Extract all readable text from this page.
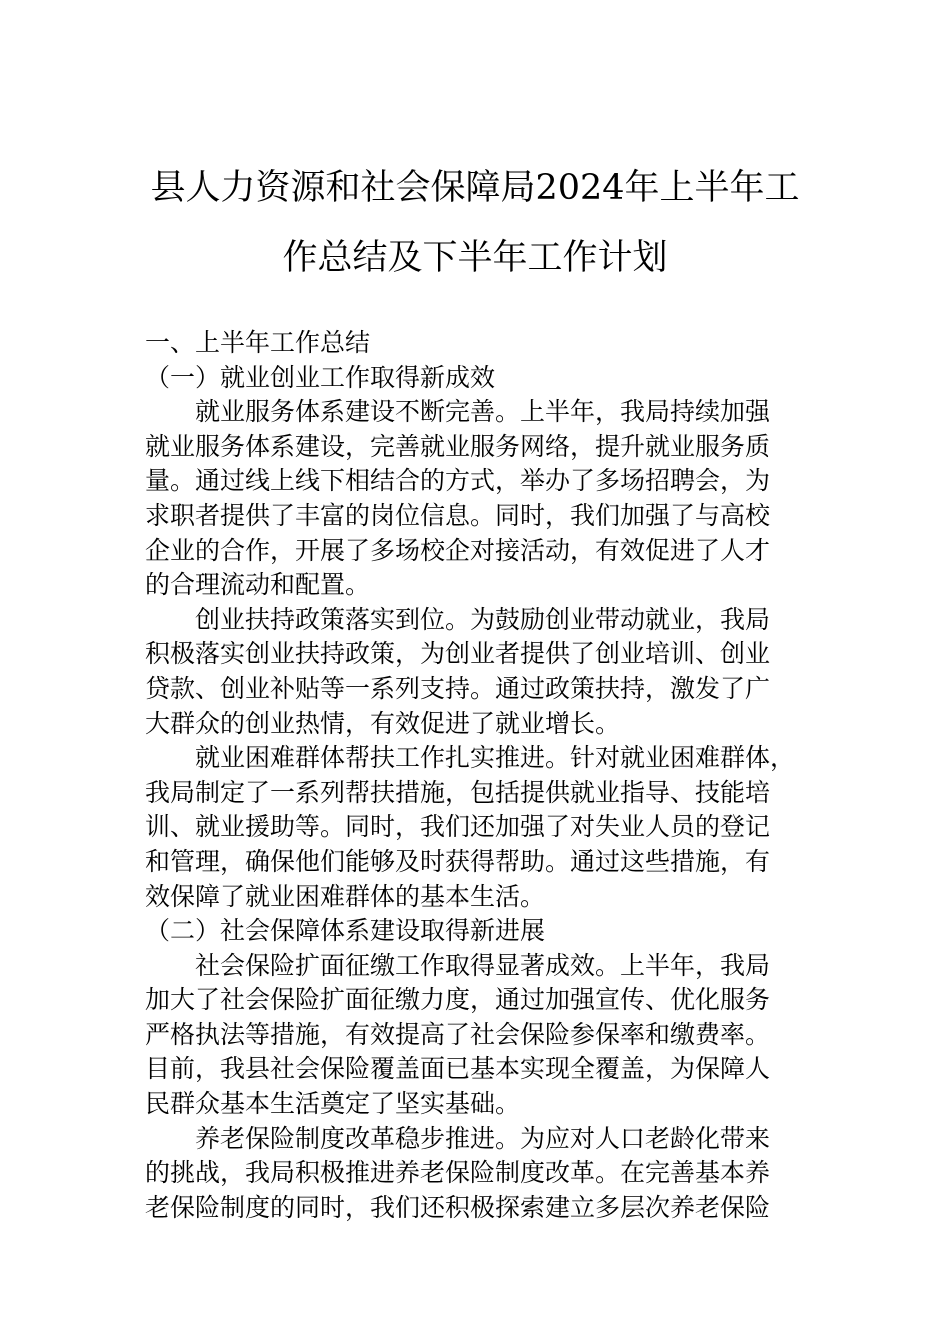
县人力资源和社会保障局2024年上半年工
作总结及下半年工作计划

一、上半年工作总结

（一）就业创业工作取得新成效

就业服务体系建设不断完善。上半年，我局持续加强
就业服务体系建设，完善就业服务网络，提升就业服务质
量。通过线上线下相结合的方式，举办了多场招聘会，为
求职者提供了丰富的岗位信息。同时，我们加强了与高校
企业的合作，开展了多场校企对接活动，有效促进了人才
的合理流动和配置。

创业扶持政策落实到位。为鼓励创业带动就业，我局
积极落实创业扶持政策，为创业者提供了创业培训、创业
贷款、创业补贴等一系列支持。通过政策扶持，激发了广
大群众的创业热情，有效促进了就业增长。

就业困难群体帮扶工作扎实推进。针对就业困难群体，
我局制定了一系列帮扶措施，包括提供就业指导、技能培
训、就业援助等。同时，我们还加强了对失业人员的登记
和管理，确保他们能够及时获得帮助。通过这些措施，有
效保障了就业困难群体的基本生活。

（二）社会保障体系建设取得新进展

社会保险扩面征缴工作取得显著成效。上半年，我局
加大了社会保险扩面征缴力度，通过加强宣传、优化服务
严格执法等措施，有效提高了社会保险参保率和缴费率。
目前，我县社会保险覆盖面已基本实现全覆盖，为保障人
民群众基本生活奠定了坚实基础。

养老保险制度改革稳步推进。为应对人口老龄化带来
的挑战，我局积极推进养老保险制度改革。在完善基本养
老保险制度的同时，我们还积极探索建立多层次养老保险
